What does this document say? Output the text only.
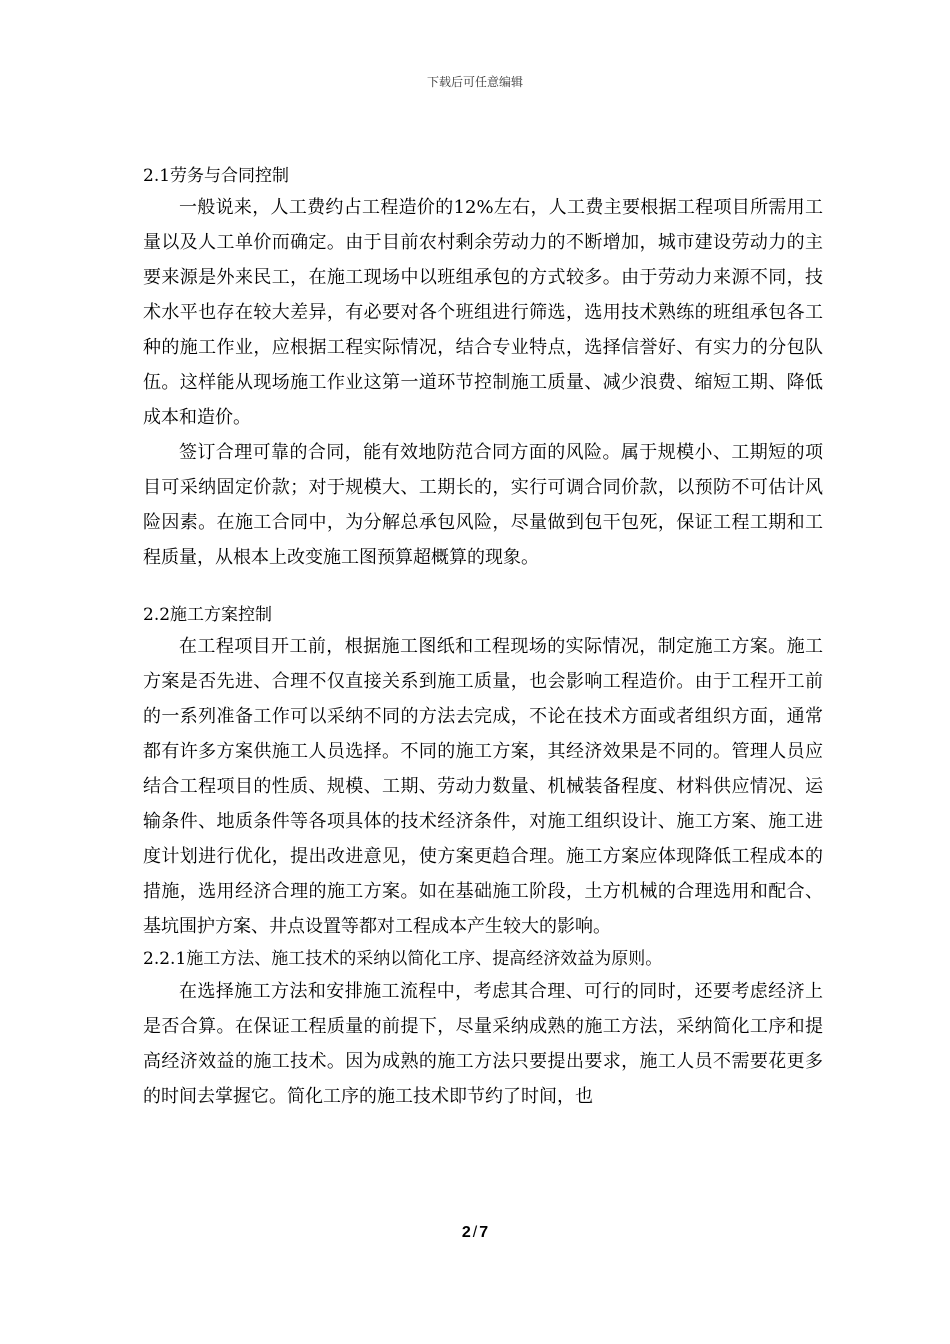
下载后可任意编辑
2.1劳务与合同控制

一般说来，人工费约占工程造价的12%左右，人工费主要根据工程项目所需用工量以及人工单价而确定。由于目前农村剩余劳动力的不断增加，城市建设劳动力的主要来源是外来民工，在施工现场中以班组承包的方式较多。由于劳动力来源不同，技术水平也存在较大差异，有必要对各个班组进行筛选，选用技术熟练的班组承包各工种的施工作业，应根据工程实际情况，结合专业特点，选择信誉好、有实力的分包队伍。这样能从现场施工作业这第一道环节控制施工质量、减少浪费、缩短工期、降低成本和造价。

签订合理可靠的合同，能有效地防范合同方面的风险。属于规模小、工期短的项目可采纳固定价款；对于规模大、工期长的，实行可调合同价款，以预防不可估计风险因素。在施工合同中，为分解总承包风险，尽量做到包干包死，保证工程工期和工程质量，从根本上改变施工图预算超概算的现象。

2.2施工方案控制

在工程项目开工前，根据施工图纸和工程现场的实际情况，制定施工方案。施工方案是否先进、合理不仅直接关系到施工质量，也会影响工程造价。由于工程开工前的一系列准备工作可以采纳不同的方法去完成，不论在技术方面或者组织方面，通常都有许多方案供施工人员选择。不同的施工方案，其经济效果是不同的。管理人员应结合工程项目的性质、规模、工期、劳动力数量、机械装备程度、材料供应情况、运输条件、地质条件等各项具体的技术经济条件，对施工组织设计、施工方案、施工进度计划进行优化，提出改进意见，使方案更趋合理。施工方案应体现降低工程成本的措施，选用经济合理的施工方案。如在基础施工阶段，土方机械的合理选用和配合、基坑围护方案、井点设置等都对工程成本产生较大的影响。

2.2.1施工方法、施工技术的采纳以简化工序、提高经济效益为原则。

在选择施工方法和安排施工流程中，考虑其合理、可行的同时，还要考虑经济上是否合算。在保证工程质量的前提下，尽量采纳成熟的施工方法，采纳简化工序和提高经济效益的施工技术。因为成熟的施工方法只要提出要求，施工人员不需要花更多的时间去掌握它。简化工序的施工技术即节约了时间，也

2 / 7
